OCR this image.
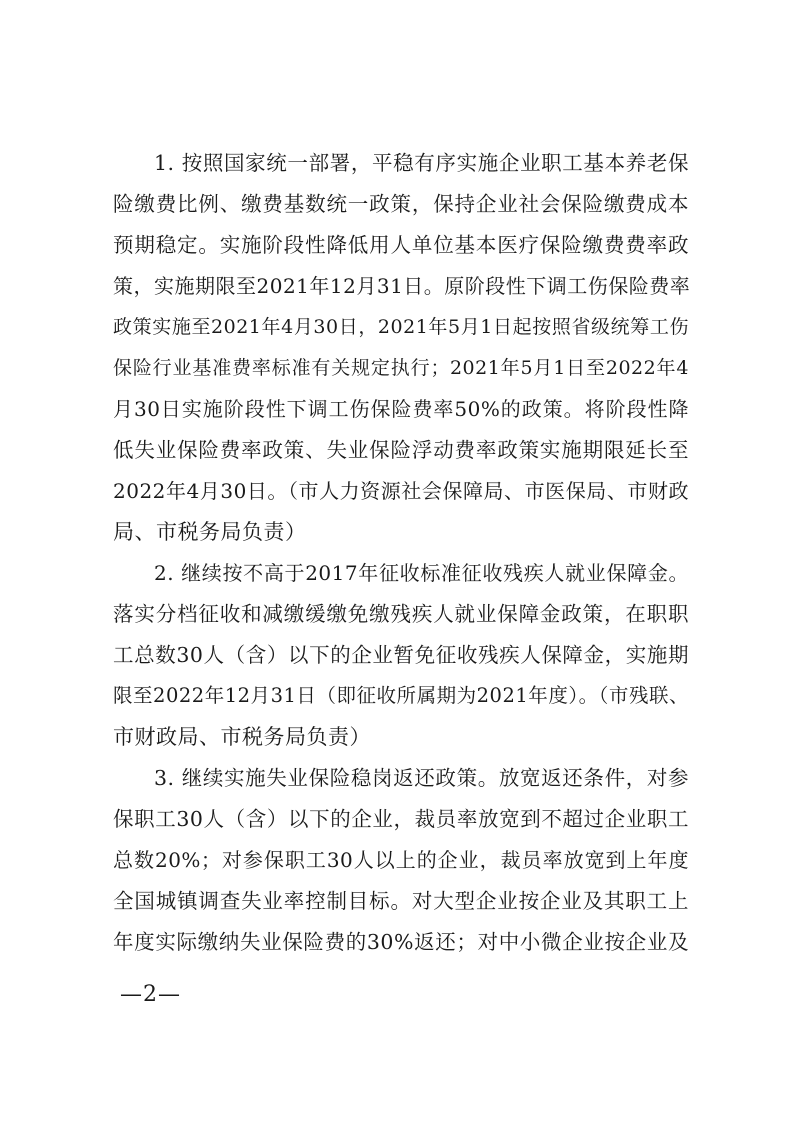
1. 按照国家统一部署，平稳有序实施企业职工基本养老保
险缴费比例、缴费基数统一政策，保持企业社会保险缴费成本
预期稳定。实施阶段性降低用人单位基本医疗保险缴费费率政
策，实施期限至2021年12月31日。原阶段性下调工伤保险费率
政策实施至2021年4月30日，2021年5月1日起按照省级统筹工伤
保险行业基准费率标准有关规定执行；2021年5月1日至2022年4
月30日实施阶段性下调工伤保险费率50%的政策。将阶段性降
低失业保险费率政策、失业保险浮动费率政策实施期限延长至
2022年4月30日。（市人力资源社会保障局、市医保局、市财政
局、市税务局负责）
2. 继续按不高于2017年征收标准征收残疾人就业保障金。
落实分档征收和减缴缓缴免缴残疾人就业保障金政策，在职职
工总数30人（含）以下的企业暂免征收残疾人保障金，实施期
限至2022年12月31日（即征收所属期为2021年度）。（市残联、
市财政局、市税务局负责）
3. 继续实施失业保险稳岗返还政策。放宽返还条件，对参
保职工30人（含）以下的企业，裁员率放宽到不超过企业职工
总数20%；对参保职工30人以上的企业，裁员率放宽到上年度
全国城镇调查失业率控制目标。对大型企业按企业及其职工上
年度实际缴纳失业保险费的30%返还；对中小微企业按企业及
—2—
